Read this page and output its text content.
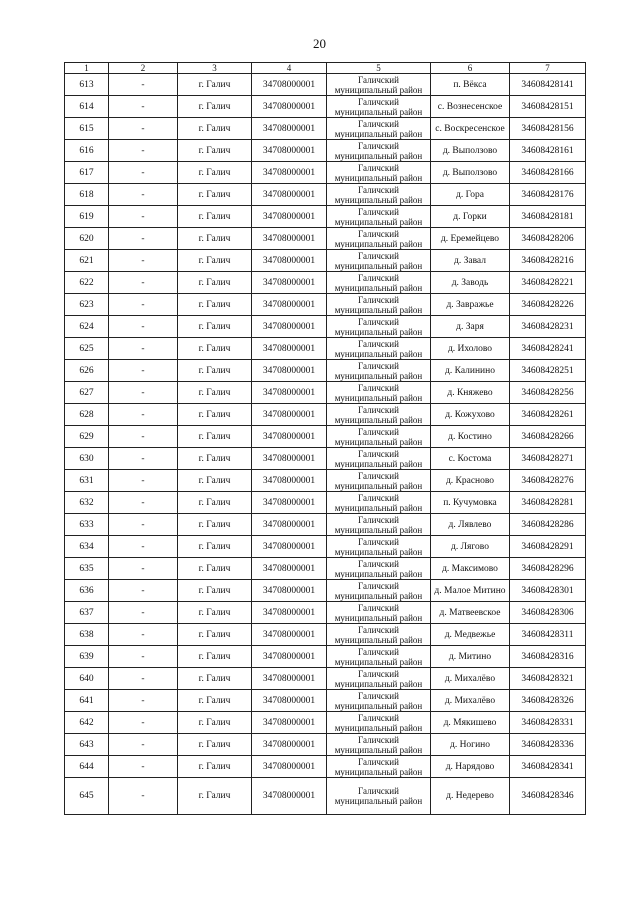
20
1	2	3	4	5	6	7
613	-	г. Галич	34708000001	Галичский
муниципальный район	п. Вёкса	34608428141
614	-	г. Галич	34708000001	Галичский
муниципальный район	с. Вознесенское	34608428151
615	-	г. Галич	34708000001	Галичский
муниципальный район	с. Воскресенское	34608428156
616	-	г. Галич	34708000001	Галичский
муниципальный район	д. Выползово	34608428161
617	-	г. Галич	34708000001	Галичский
муниципальный район	д. Выползово	34608428166
618	-	г. Галич	34708000001	Галичский
муниципальный район	д. Гора	34608428176
619	-	г. Галич	34708000001	Галичский
муниципальный район	д. Горки	34608428181
620	-	г. Галич	34708000001	Галичский
муниципальный район	д. Еремейцево	34608428206
621	-	г. Галич	34708000001	Галичский
муниципальный район	д. Завал	34608428216
622	-	г. Галич	34708000001	Галичский
муниципальный район	д. Заводь	34608428221
623	-	г. Галич	34708000001	Галичский
муниципальный район	д. Завражье	34608428226
624	-	г. Галич	34708000001	Галичский
муниципальный район	д. Заря	34608428231
625	-	г. Галич	34708000001	Галичский
муниципальный район	д. Ихолово	34608428241
626	-	г. Галич	34708000001	Галичский
муниципальный район	д. Калинино	34608428251
627	-	г. Галич	34708000001	Галичский
муниципальный район	д. Княжево	34608428256
628	-	г. Галич	34708000001	Галичский
муниципальный район	д. Кожухово	34608428261
629	-	г. Галич	34708000001	Галичский
муниципальный район	д. Костино	34608428266
630	-	г. Галич	34708000001	Галичский
муниципальный район	с. Костома	34608428271
631	-	г. Галич	34708000001	Галичский
муниципальный район	д. Красново	34608428276
632	-	г. Галич	34708000001	Галичский
муниципальный район	п. Кучумовка	34608428281
633	-	г. Галич	34708000001	Галичский
муниципальный район	д. Лявлево	34608428286
634	-	г. Галич	34708000001	Галичский
муниципальный район	д. Лягово	34608428291
635	-	г. Галич	34708000001	Галичский
муниципальный район	д. Максимово	34608428296
636	-	г. Галич	34708000001	Галичский
муниципальный район	д. Малое Митино	34608428301
637	-	г. Галич	34708000001	Галичский
муниципальный район	д. Матвеевское	34608428306
638	-	г. Галич	34708000001	Галичский
муниципальный район	д. Медвежье	34608428311
639	-	г. Галич	34708000001	Галичский
муниципальный район	д. Митино	34608428316
640	-	г. Галич	34708000001	Галичский
муниципальный район	д. Михалёво	34608428321
641	-	г. Галич	34708000001	Галичский
муниципальный район	д. Михалёво	34608428326
642	-	г. Галич	34708000001	Галичский
муниципальный район	д. Мякишево	34608428331
643	-	г. Галич	34708000001	Галичский
муниципальный район	д. Ногино	34608428336
644	-	г. Галич	34708000001	Галичский
муниципальный район	д. Нарядово	34608428341
645	-	г. Галич	34708000001	Галичский
муниципальный район	д. Недерево	34608428346
